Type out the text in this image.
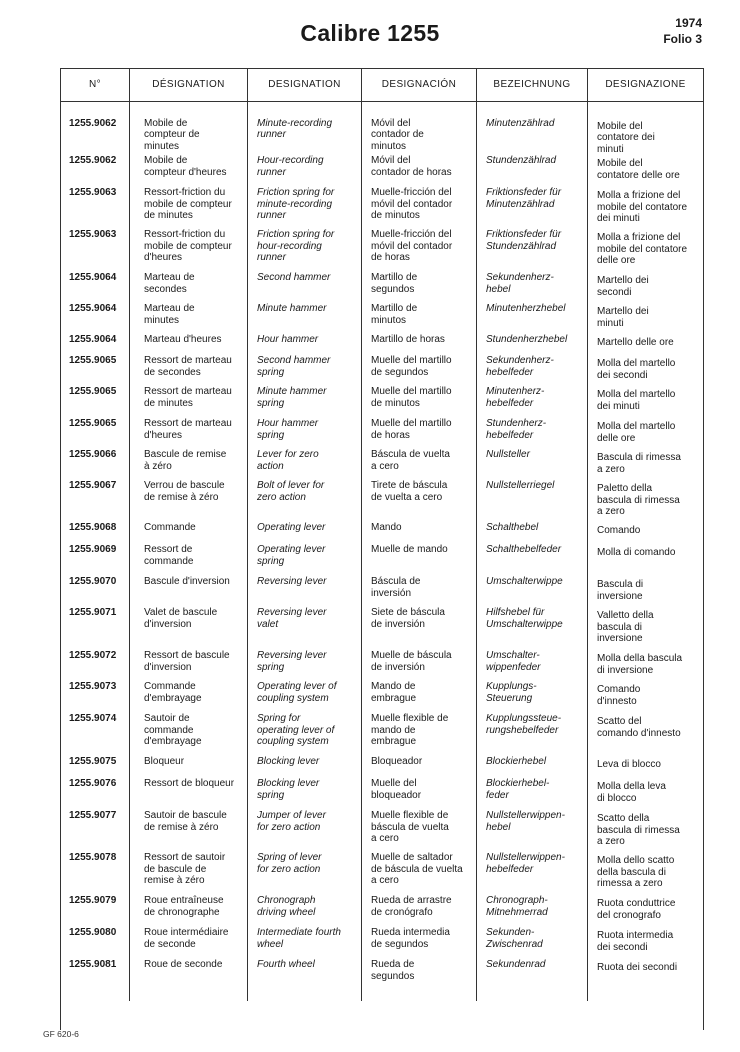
Calibre 1255	1974
Folio 3
N°	DÉSIGNATION	DESIGNATION	DESIGNACIÓN	BEZEICHNUNG	DESIGNAZIONE

1255.9062	Mobile de
compteur de
minutes	Minute-recording
runner	Móvil del
contador de
minutos	Minutenzählrad	Mobile del
contatore dei
minuti

1255.9062	Mobile de
compteur d'heures	Hour-recording
runner	Móvil del
contador de horas	Stundenzählrad	Mobile del
contatore delle ore

1255.9063	Ressort-friction du
mobile de compteur
de minutes	Friction spring for
minute-recording
runner	Muelle-fricción del
móvil del contador
de minutos	Friktionsfeder für
Minutenzählrad	Molla a frizione del
mobile del contatore
dei minuti

1255.9063	Ressort-friction du
mobile de compteur
d'heures	Friction spring for
hour-recording
runner	Muelle-fricción del
móvil del contador
de horas	Friktionsfeder für
Stundenzählrad	Molla a frizione del
mobile del contatore
delle ore

1255.9064	Marteau de
secondes	Second hammer	Martillo de
segundos	Sekundenherz-
hebel	Martello dei
secondi

1255.9064	Marteau de
minutes	Minute hammer	Martillo de
minutos	Minutenherzhebel	Martello dei
minuti

1255.9064	Marteau d'heures	Hour hammer	Martillo de horas	Stundenherzhebel	Martello delle ore

1255.9065	Ressort de marteau
de secondes	Second hammer
spring	Muelle del martillo
de segundos	Sekundenherz-
hebelfeder	Molla del martello
dei secondi

1255.9065	Ressort de marteau
de minutes	Minute hammer
spring	Muelle del martillo
de minutos	Minutenherz-
hebelfeder	Molla del martello
dei minuti

1255.9065	Ressort de marteau
d'heures	Hour hammer
spring	Muelle del martillo
de horas	Stundenherz-
hebelfeder	Molla del martello
delle ore

1255.9066	Bascule de remise
à zéro	Lever for zero
action	Báscula de vuelta
a cero	Nullsteller	Bascula di rimessa
a zero

1255.9067	Verrou de bascule
de remise à zéro	Bolt of lever for
zero action	Tirete de báscula
de vuelta a cero	Nullstellerriegel	Paletto della
bascula di rimessa
a zero

1255.9068	Commande	Operating lever	Mando	Schalthebel	Comando

1255.9069	Ressort de
commande	Operating lever
spring	Muelle de mando	Schalthebelfeder	Molla di comando

1255.9070	Bascule d'inversion	Reversing lever	Báscula de
inversión	Umschalterwippe	Bascula di
inversione

1255.9071	Valet de bascule
d'inversion	Reversing lever
valet	Siete de báscula
de inversión	Hilfshebel für
Umschalterwippe	Valletto della
bascula di
inversione

1255.9072	Ressort de bascule
d'inversion	Reversing lever
spring	Muelle de báscula
de inversión	Umschalter-
wippenfeder	Molla della bascula
di inversione

1255.9073	Commande
d'embrayage	Operating lever of
coupling system	Mando de
embrague	Kupplungs-
Steuerung	Comando
d'innesto

1255.9074	Sautoir de
commande
d'embrayage	Spring for
operating lever of
coupling system	Muelle flexible de
mando de
embrague	Kupplungssteue-
rungshebelfeder	Scatto del
comando d'innesto

1255.9075	Bloqueur	Blocking lever	Bloqueador	Blockierhebel	Leva di blocco

1255.9076	Ressort de bloqueur	Blocking lever
spring	Muelle del
bloqueador	Blockierhebel-
feder	Molla della leva
di blocco

1255.9077	Sautoir de bascule
de remise à zéro	Jumper of lever
for zero action	Muelle flexible de
báscula de vuelta
a cero	Nullstellerwippen-
hebel	Scatto della
bascula di rimessa
a zero

1255.9078	Ressort de sautoir
de bascule de
remise à zéro	Spring of lever
for zero action	Muelle de saltador
de báscula de vuelta
a cero	Nullstellerwippen-
hebelfeder	Molla dello scatto
della bascula di
rimessa a zero

1255.9079	Roue entraîneuse
de chronographe	Chronograph
driving wheel	Rueda de arrastre
de cronógrafo	Chronograph-
Mitnehmerrad	Ruota conduttrice
del cronografo

1255.9080	Roue intermédiaire
de seconde	Intermediate fourth
wheel	Rueda intermedia
de segundos	Sekunden-
Zwischenrad	Ruota intermedia
dei secondi

1255.9081	Roue de seconde	Fourth wheel	Rueda de
segundos	Sekundenrad	Ruota dei secondi
GF 620-6
